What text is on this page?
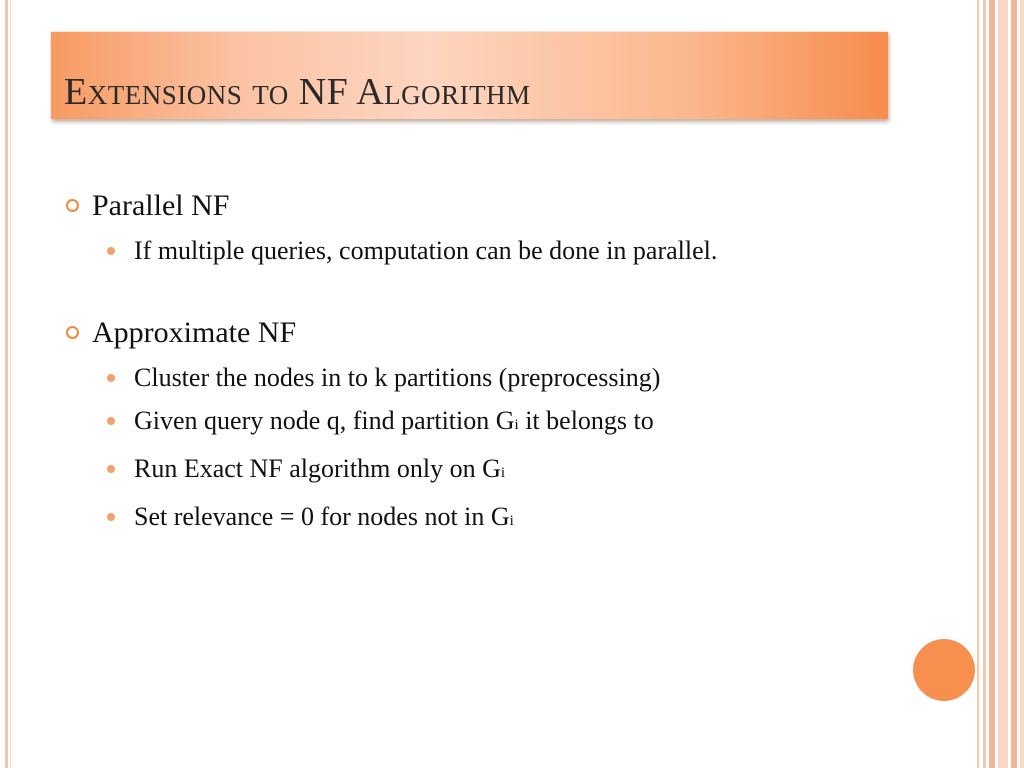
Extensions to NF Algorithm
Parallel NF
If multiple queries, computation can be done in parallel.
Approximate NF
Cluster the nodes in to k partitions (preprocessing)
Given query node q, find partition Gi it belongs to
Run Exact NF algorithm only on Gi
Set relevance = 0 for nodes not in Gi
